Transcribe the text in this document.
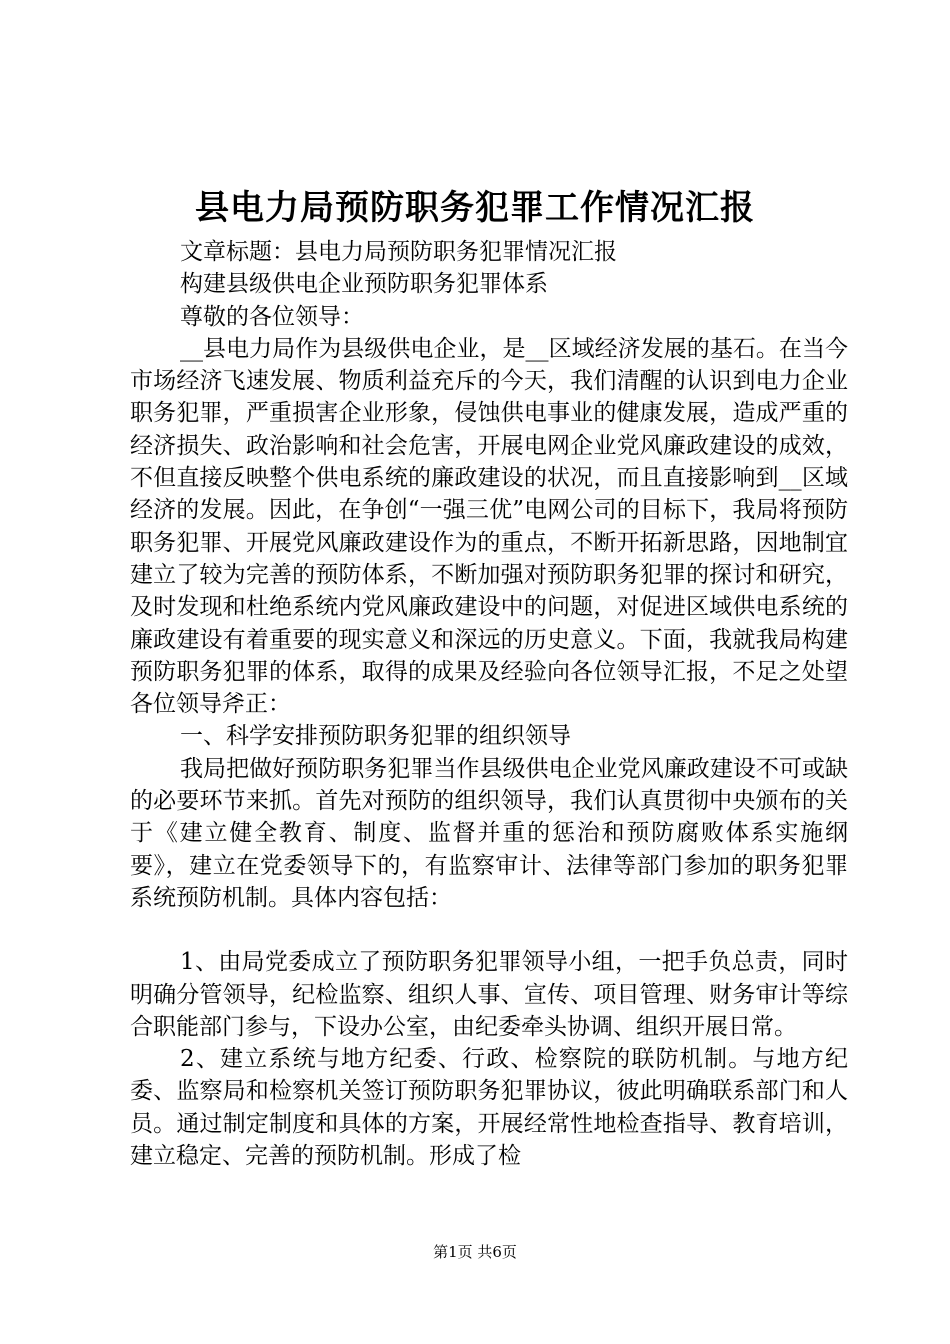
县电力局预防职务犯罪工作情况汇报

文章标题：县电力局预防职务犯罪情况汇报

构建县级供电企业预防职务犯罪体系

尊敬的各位领导：

__县电力局作为县级供电企业，是__区域经济发展的基石。在当今市场经济飞速发展、物质利益充斥的今天，我们清醒的认识到电力企业职务犯罪，严重损害企业形象，侵蚀供电事业的健康发展，造成严重的经济损失、政治影响和社会危害，开展电网企业党风廉政建设的成效，不但直接反映整个供电系统的廉政建设的状况，而且直接影响到__区域经济的发展。因此，在争创“一强三优”电网公司的目标下，我局将预防职务犯罪、开展党风廉政建设作为的重点，不断开拓新思路，因地制宜建立了较为完善的预防体系，不断加强对预防职务犯罪的探讨和研究，及时发现和杜绝系统内党风廉政建设中的问题，对促进区域供电系统的廉政建设有着重要的现实意义和深远的历史意义。下面，我就我局构建预防职务犯罪的体系，取得的成果及经验向各位领导汇报，不足之处望各位领导斧正：

一、科学安排预防职务犯罪的组织领导

我局把做好预防职务犯罪当作县级供电企业党风廉政建设不可或缺的必要环节来抓。首先对预防的组织领导，我们认真贯彻中央颁布的关于《建立健全教育、制度、监督并重的惩治和预防腐败体系实施纲要》，建立在党委领导下的，有监察审计、法律等部门参加的职务犯罪系统预防机制。具体内容包括：

1、由局党委成立了预防职务犯罪领导小组，一把手负总责，同时明确分管领导，纪检监察、组织人事、宣传、项目管理、财务审计等综合职能部门参与，下设办公室，由纪委牵头协调、组织开展日常。

2、建立系统与地方纪委、行政、检察院的联防机制。与地方纪委、监察局和检察机关签订预防职务犯罪协议，彼此明确联系部门和人员。通过制定制度和具体的方案，开展经常性地检查指导、教育培训，建立稳定、完善的预防机制。形成了检

第1页 共6页
